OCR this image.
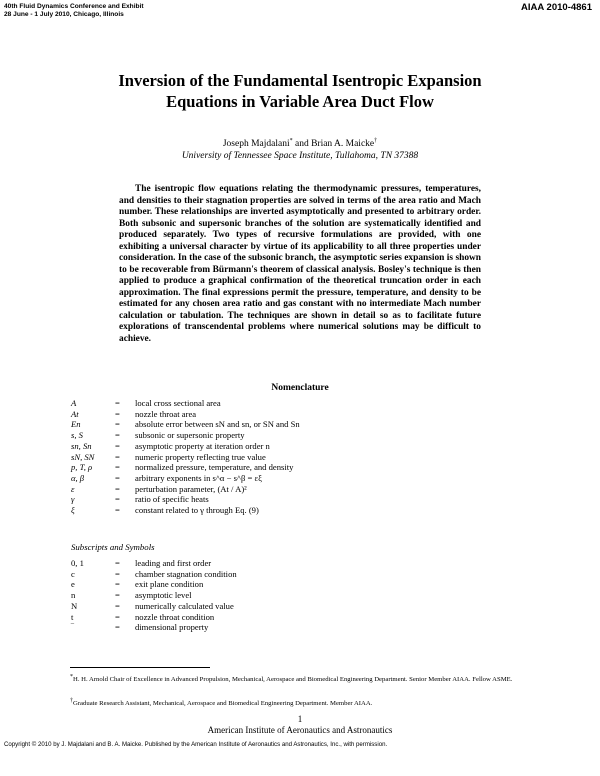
40th Fluid Dynamics Conference and Exhibit
28 June - 1 July 2010, Chicago, Illinois
AIAA 2010-4861
Inversion of the Fundamental Isentropic Expansion
Equations in Variable Area Duct Flow
Joseph Majdalani* and Brian A. Maicke†
University of Tennessee Space Institute, Tullahoma, TN 37388
The isentropic flow equations relating the thermodynamic pressures, temperatures, and densities to their stagnation properties are solved in terms of the area ratio and Mach number. These relationships are inverted asymptotically and presented to arbitrary order. Both subsonic and supersonic branches of the solution are systematically identified and produced separately. Two types of recursive formulations are provided, with one exhibiting a universal character by virtue of its applicability to all three properties under consideration. In the case of the subsonic branch, the asymptotic series expansion is shown to be recoverable from Bürmann's theorem of classical analysis. Bosley's technique is then applied to produce a graphical confirmation of the theoretical truncation order in each approximation. The final expressions permit the pressure, temperature, and density to be estimated for any chosen area ratio and gas constant with no intermediate Mach number calculation or tabulation. The techniques are shown in detail so as to facilitate future explorations of transcendental problems where numerical solutions may be difficult to achieve.
Nomenclature
A	=	local cross sectional area
At	=	nozzle throat area
En	=	absolute error between sN and sn, or SN and Sn
s, S	=	subsonic or supersonic property
sn, Sn	=	asymptotic property at iteration order n
sN, SN	=	numeric property reflecting true value
p, T, ρ	=	normalized pressure, temperature, and density
α, β	=	arbitrary exponents in s^α − s^β = εξ
ε	=	perturbation parameter, (At / A)²
γ	=	ratio of specific heats
ξ	=	constant related to γ through Eq. (9)
Subscripts and Symbols
0, 1	=	leading and first order
c	=	chamber stagnation condition
e	=	exit plane condition
n	=	asymptotic level
N	=	numerically calculated value
t	=	nozzle throat condition
‾	=	dimensional property
*H. H. Arnold Chair of Excellence in Advanced Propulsion, Mechanical, Aerospace and Biomedical Engineering Department. Senior Member AIAA. Fellow ASME.
†Graduate Research Assistant, Mechanical, Aerospace and Biomedical Engineering Department. Member AIAA.
1
American Institute of Aeronautics and Astronautics
Copyright © 2010 by J. Majdalani and B. A. Maicke. Published by the American Institute of Aeronautics and Astronautics, Inc., with permission.
